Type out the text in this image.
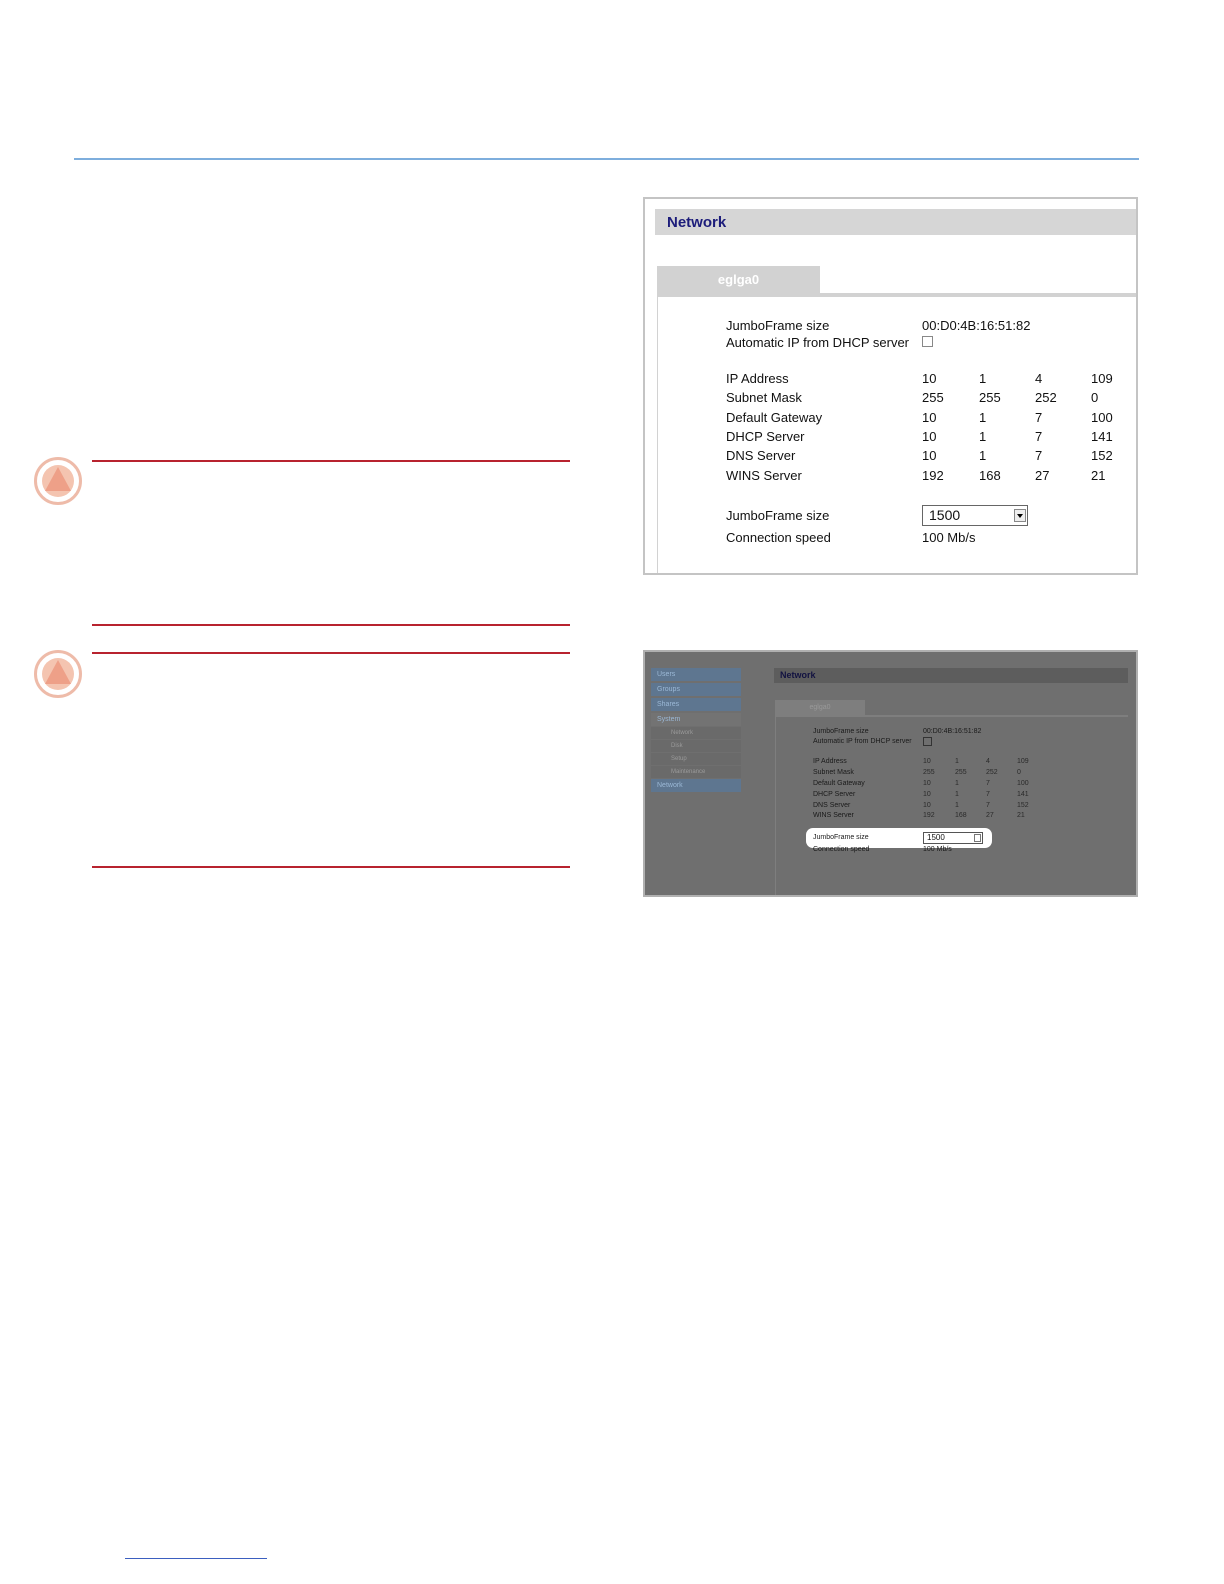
Network
eglga0
JumboFrame size	00:D0:4B:16:51:82
Automatic IP from DHCP server
IP Address	10	1	4	109
Subnet Mask	255	255	252	0
Default Gateway	10	1	7	100
DHCP Server	10	1	7	141
DNS Server	10	1	7	152
WINS Server	192	168	27	21
JumboFrame size	1500
Connection speed	100 Mb/s
Users
Groups
Shares
System
Network
Disk
Setup
Maintenance
Network
Network
eglga0
JumboFrame size	00:D0:4B:16:51:82
Automatic IP from DHCP server
IP Address	10	1	4	109
Subnet Mask	255	255	252	0
Default Gateway	10	1	7	100
DHCP Server	10	1	7	141
DNS Server	10	1	7	152
WINS Server	192	168	27	21
JumboFrame size	1500
Connection speed	100 Mb/s
